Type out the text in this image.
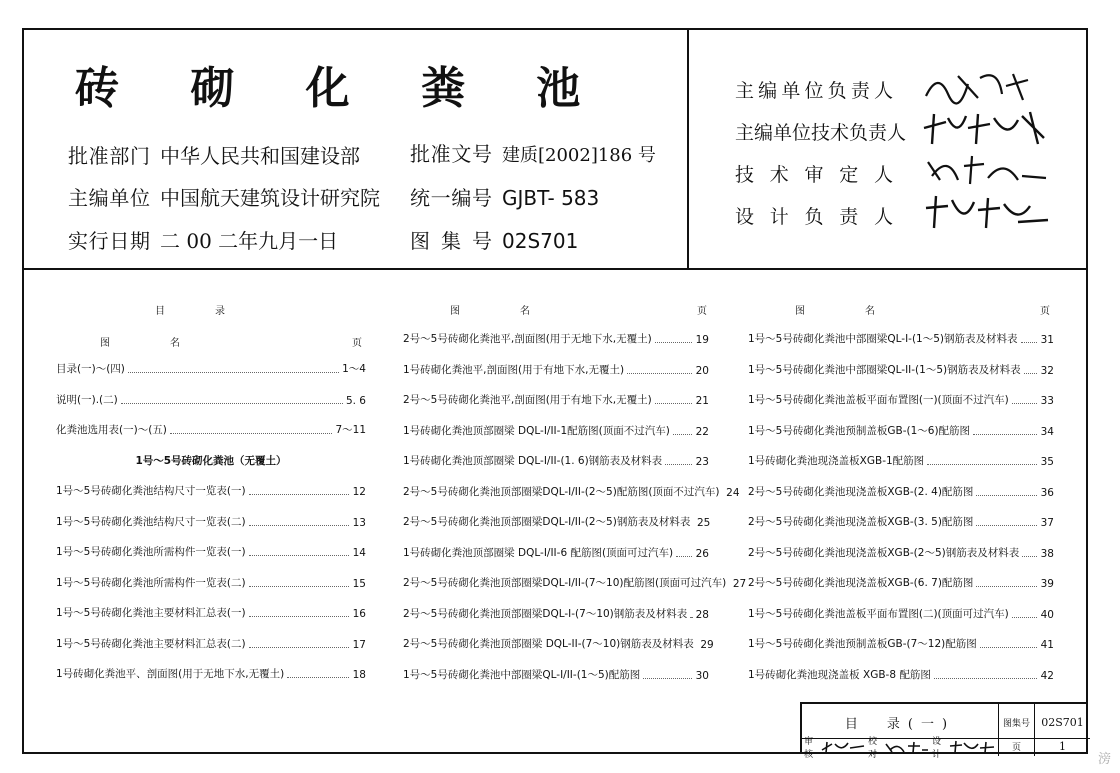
砖 砌 化 粪 池
批准部门 中华人民共和国建设部
主编单位 中国航天建筑设计研究院
实行日期 二 00 二年九月一日
批准文号 建质[2002]186 号
统一编号 GJBT- 583
图 集 号 02S701
主编单位负责人
主编单位技术负责人
技 术 审 定 人
设 计 负 责 人
目　　　　　录
图　　　　　　名	页
图　　　　　　名	页	图　　　　　　名	页
目录(一)～(四)	1～4
说明(一).(二)	5. 6
化粪池选用表(一)～(五)	7～11
1号～5号砖砌化粪池（无覆土）
1号～5号砖砌化粪池结构尺寸一览表(一)	12
1号～5号砖砌化粪池结构尺寸一览表(二)	13
1号～5号砖砌化粪池所需构件一览表(一)	14
1号～5号砖砌化粪池所需构件一览表(二)	15
1号～5号砖砌化粪池主要材料汇总表(一)	16
1号～5号砖砌化粪池主要材料汇总表(二)	17
1号砖砌化粪池平、剖面图(用于无地下水,无覆土)	18
2号～5号砖砌化粪池平,剖面图(用于无地下水,无覆土)	19
1号砖砌化粪池平,剖面图(用于有地下水,无覆土)	20
2号～5号砖砌化粪池平,剖面图(用于有地下水,无覆土)	21
1号砖砌化粪池顶部圈梁 DQL-I/II-1配筋图(顶面不过汽车) 22
1号砖砌化粪池顶部圈梁 DQL-I/II-(1. 6)钢筋表及材料表	23
2号～5号砖砌化粪池顶部圈梁DQL-I/II-(2～5)配筋图(顶面不过汽车) 24
2号～5号砖砌化粪池顶部圈梁DQL-I/II-(2～5)钢筋表及材料表 25
1号砖砌化粪池顶部圈梁 DQL-I/II-6 配筋图(顶面可过汽车) 26
2号～5号砖砌化粪池顶部圈梁DQL-I/II-(7～10)配筋图(顶面可过汽车) 27
2号～5号砖砌化粪池顶部圈梁DQL-I-(7～10)钢筋表及材料表 28
2号～5号砖砌化粪池顶部圈梁 DQL-II-(7～10)钢筋表及材料表 29
1号～5号砖砌化粪池中部圈梁QL-I/II-(1～5)配筋图	30
1号～5号砖砌化粪池中部圈梁QL-I-(1～5)钢筋表及材料表 31
1号～5号砖砌化粪池中部圈梁QL-II-(1～5)钢筋表及材料表 32
1号～5号砖砌化粪池盖板平面布置图(一)(顶面不过汽车)	33
1号～5号砖砌化粪池预制盖板GB-(1～6)配筋图	34
1号砖砌化粪池现浇盖板XGB-1配筋图	35
2号～5号砖砌化粪池现浇盖板XGB-(2. 4)配筋图	36
2号～5号砖砌化粪池现浇盖板XGB-(3. 5)配筋图	37
2号～5号砖砌化粪池现浇盖板XGB-(2～5)钢筋表及材料表 38
2号～5号砖砌化粪池现浇盖板XGB-(6. 7)配筋图	39
1号～5号砖砌化粪池盖板平面布置图(二)(顶面可过汽车)	40
1号～5号砖砌化粪池预制盖板GB-(7～12)配筋图	41
1号砖砌化粪池现浇盖板 XGB-8 配筋图	42
目　录(一)	图集号	02S701
审核
校对
设计
页	1
滂
